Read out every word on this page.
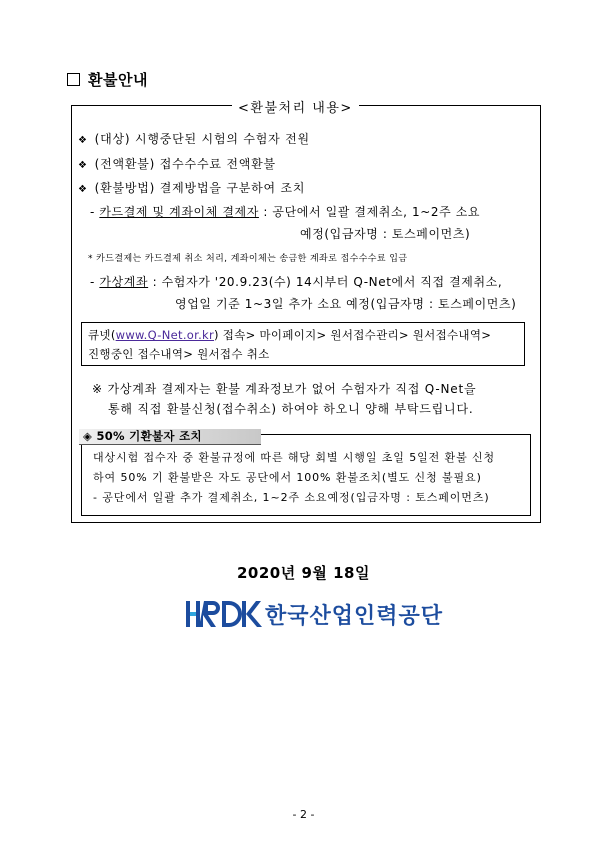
환불안내
<환불처리 내용>
❖ (대상) 시행중단된 시험의 수험자 전원
❖ (전액환불) 접수수수료 전액환불
❖ (환불방법) 결제방법을 구분하여 조치
- 카드결제 및 계좌이체 결제자 : 공단에서 일괄 결제취소, 1~2주 소요
예정(입금자명 : 토스페이먼츠)
* 카드결제는 카드결제 취소 처리, 계좌이체는 송금한 계좌로 접수수수료 입금
- 가상계좌 : 수험자가 '20.9.23(수) 14시부터 Q-Net에서 직접 결제취소,
영업일 기준 1~3일 추가 소요 예정(입금자명 : 토스페이먼츠)
큐넷(www.Q-Net.or.kr) 접속> 마이페이지> 원서접수관리> 원서접수내역>
진행중인 접수내역> 원서접수 취소
※ 가상계좌 결제자는 환불 계좌정보가 없어 수험자가 직접 Q-Net을
통해 직접 환불신청(접수취소) 하여야 하오니 양해 부탁드립니다.
◈ 50% 기환불자 조치
대상시험 접수자 중 환불규정에 따른 해당 회별 시행일 초일 5일전 환불 신청
하여 50% 기 환불받은 자도 공단에서 100% 환불조치(별도 신청 불필요)
- 공단에서 일괄 추가 결제취소, 1~2주 소요예정(입금자명 : 토스페이먼츠)
2020년 9월 18일
한국산업인력공단
- 2 -
